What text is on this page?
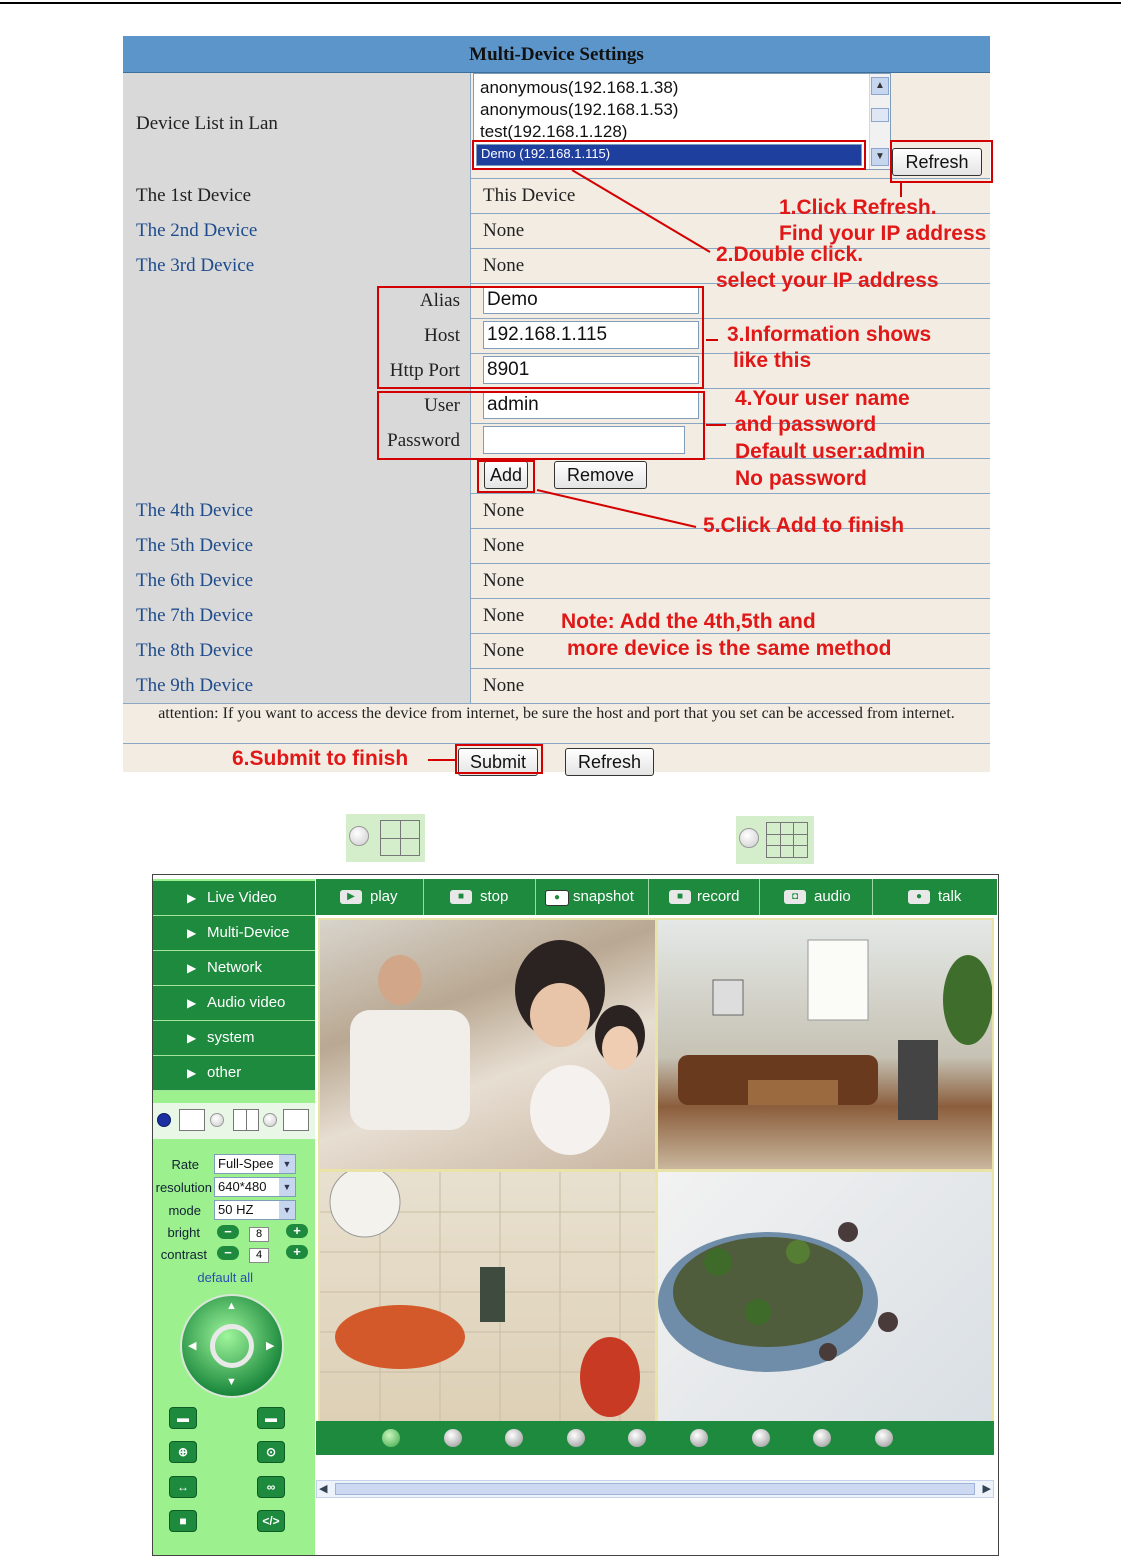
Multi-Device Settings
Device List in Lan
anonymous(192.168.1.38)
anonymous(192.168.1.53)
test(192.168.1.128)
Demo (192.168.1.115)
▲
▼	Refresh
The 1st Device	This Device
The 2nd Device	None
The 3rd Device	None
Alias Demo
Host 192.168.1.115
Http Port 8901
User admin
Password
Add	Remove
The 4th Device	None
The 5th Device	None
The 6th Device	None
The 7th Device	None
The 8th Device	None
The 9th Device	None
attention: If you want to access the device from internet, be sure the host and port that you set can be accessed from internet.
Submit	Refresh
1.Click Refresh.
Find your IP address
2.Double click.
select your IP address
3.Information shows
like this
4.Your user name
and password
Default user:admin
No password
5.Click Add to finish
Note: Add the 4th,5th and
more device is the same method
6.Submit to finish
▶ Live Video
▶ Multi-Device
▶ Network
▶ Audio video
▶ system
▶ other
Rate	Full-Spee ▼
resolution 640*480	▼
mode	50 HZ	▼
bright	−	8	+
contrast	−	4	+
default all
▲
▼
◀	▶
▬	▬
⊕	⊙
↔	∞
■	</>
▶	play	■	stop	● snapshot	■ record	◘	audio	●	talk
◀	▶
